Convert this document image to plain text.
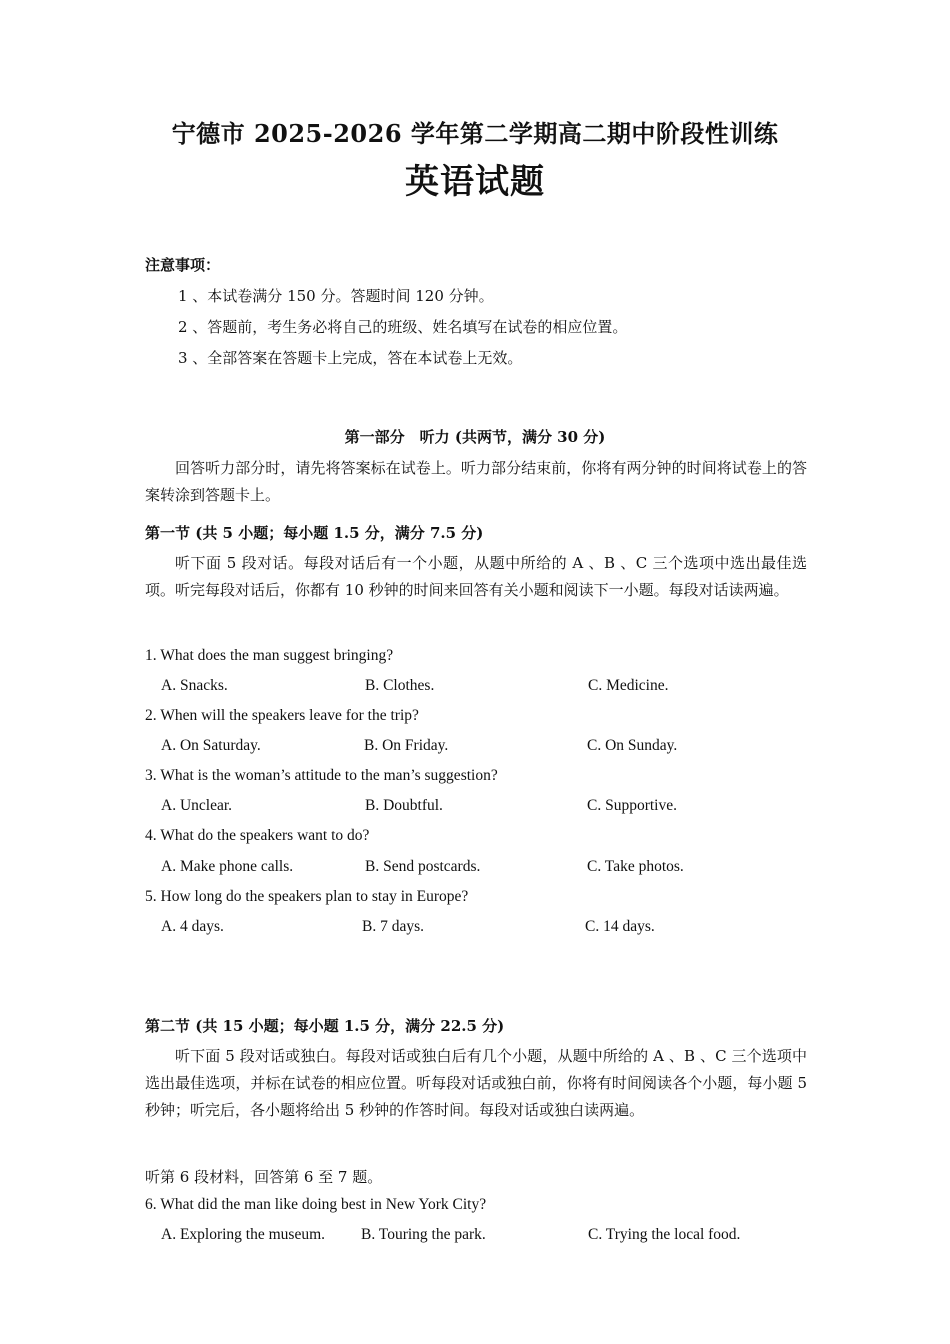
宁德市 2025-2026 学年第二学期高二期中阶段性训练
英语试题
注意事项：
1 、本试卷满分 150 分。答题时间 120 分钟。
2 、答题前，考生务必将自己的班级、姓名填写在试卷的相应位置。
3 、全部答案在答题卡上完成，答在本试卷上无效。
第一部分　听力 (共两节，满分 30 分)
回答听力部分时，请先将答案标在试卷上。听力部分结束前，你将有两分钟的时间将试卷上的答案转涂到答题卡上。
第一节 (共 5 小题；每小题 1.5 分，满分 7.5 分)
听下面 5 段对话。每段对话后有一个小题，从题中所给的 A 、B 、C 三个选项中选出最佳选项。听完每段对话后，你都有 10 秒钟的时间来回答有关小题和阅读下一小题。每段对话读两遍。
1. What does the man suggest bringing?
A. Snacks.	B. Clothes.	C. Medicine.
2. When will the speakers leave for the trip?
A. On Saturday.	B. On Friday.	C. On Sunday.
3. What is the woman’s attitude to the man’s suggestion?
A. Unclear.	B. Doubtful.	C. Supportive.
4. What do the speakers want to do?
A. Make phone calls.	B. Send postcards.	C. Take photos.
5. How long do the speakers plan to stay in Europe?
A. 4 days.	B. 7 days.	C. 14 days.
第二节 (共 15 小题；每小题 1.5 分，满分 22.5 分)
听下面 5 段对话或独白。每段对话或独白后有几个小题，从题中所给的 A 、B 、C 三个选项中选出最佳选项，并标在试卷的相应位置。听每段对话或独白前，你将有时间阅读各个小题，每小题 5 秒钟；听完后，各小题将给出 5 秒钟的作答时间。每段对话或独白读两遍。
听第 6 段材料，回答第 6 至 7 题。
6. What did the man like doing best in New York City?
A. Exploring the museum. B. Touring the park.	C. Trying the local food.
